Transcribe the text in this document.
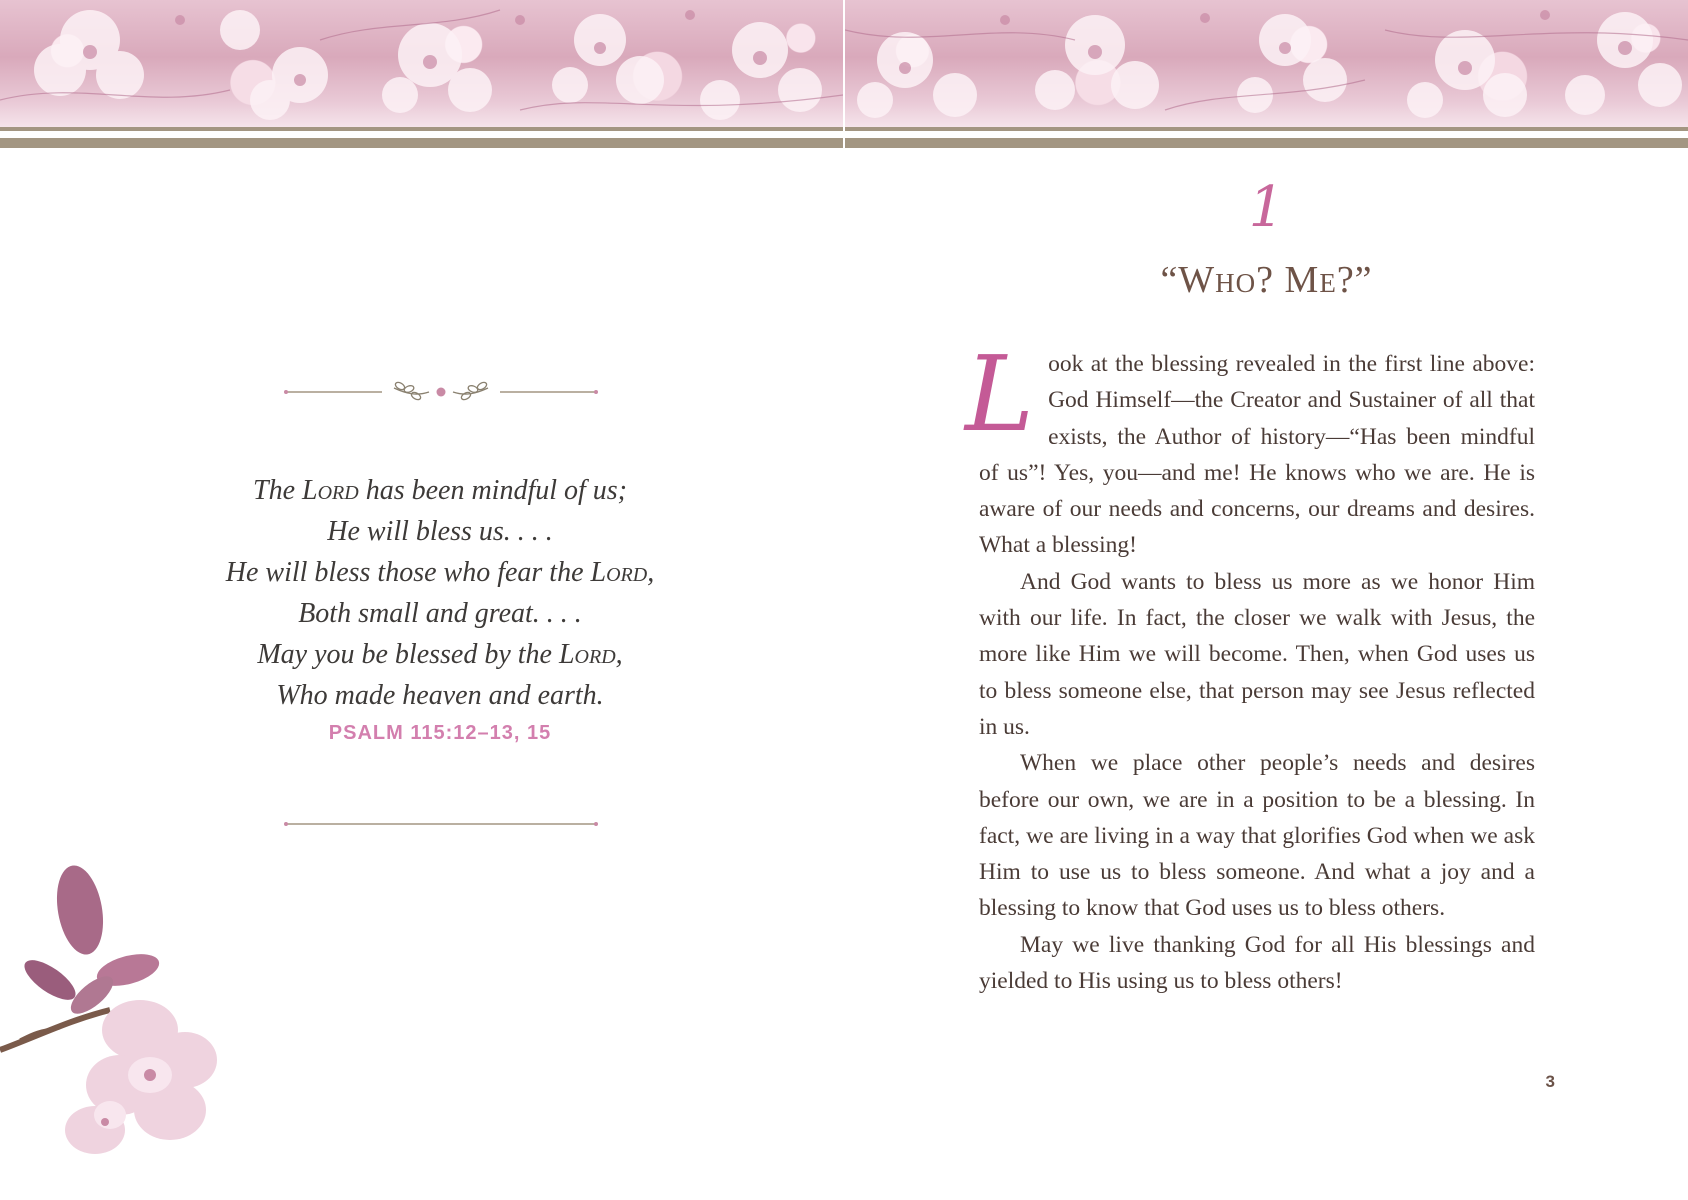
The Lord has been mindful of us;
He will bless us. . . .
He will bless those who fear the Lord,
Both small and great. . . .
May you be blessed by the Lord,
Who made heaven and earth.
PSALM 115:12–13, 15
1
“Who? Me?”

Look at the blessing revealed in the first line above: God Himself—the Creator and Sustainer of all that exists, the Author of history—“Has been mindful of us”! Yes, you—and me! He knows who we are. He is aware of our needs and concerns, our dreams and desires. What a blessing!

And God wants to bless us more as we honor Him with our life. In fact, the closer we walk with Jesus, the more like Him we will become. Then, when God uses us to bless someone else, that person may see Jesus reflected in us.

When we place other people’s needs and desires before our own, we are in a position to be a blessing. In fact, we are living in a way that glorifies God when we ask Him to use us to bless someone. And what a joy and a blessing to know that God uses us to bless others.

May we live thanking God for all His blessings and yielded to His using us to bless others!

3
